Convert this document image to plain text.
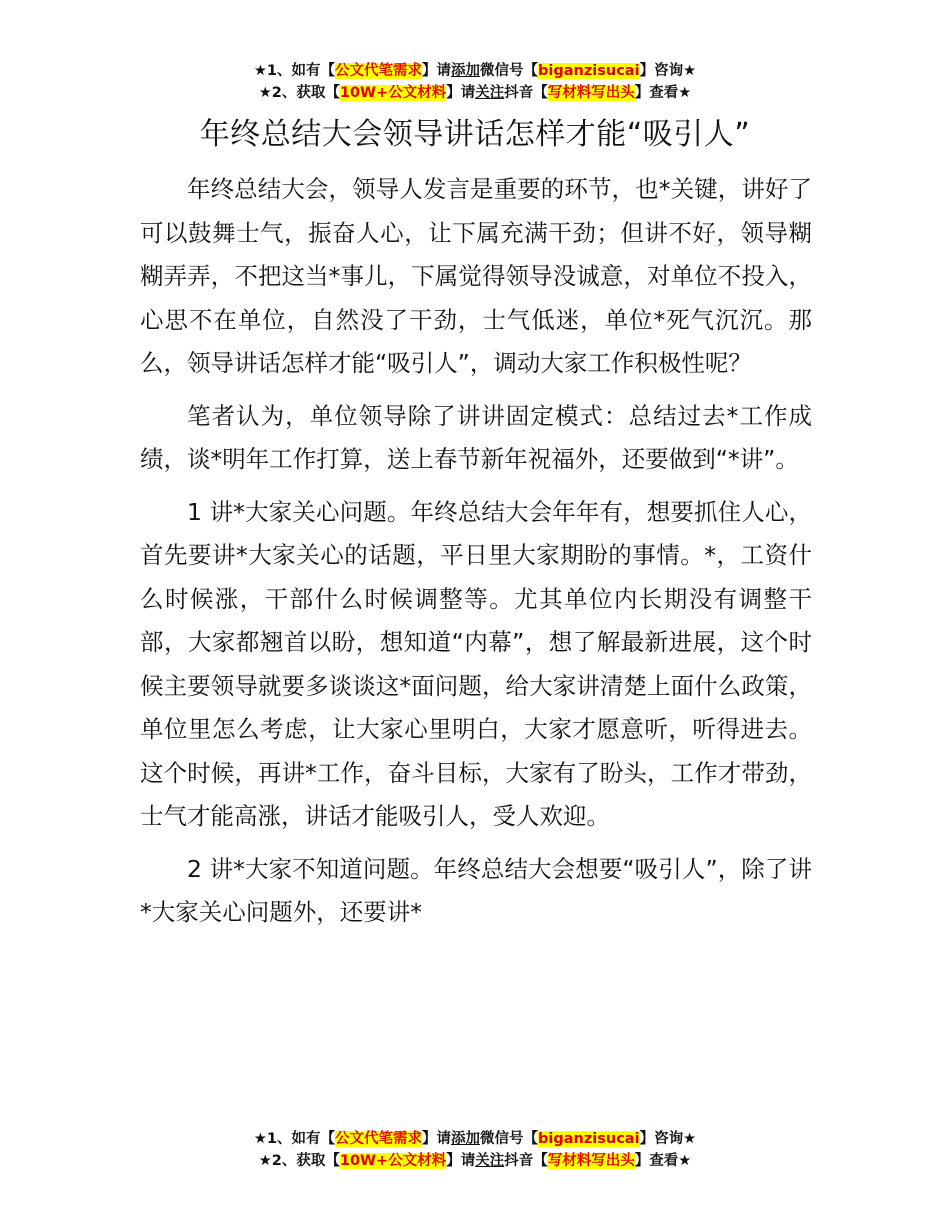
★1、如有【公文代笔需求】请添加微信号【biganzisucai】咨询★
★2、获取【10W+公文材料】请关注抖音【写材料写出头】查看★
年终总结大会领导讲话怎样才能“吸引人”

年终总结大会，领导人发言是重要的环节，也*关键，讲好了可以鼓舞士气，振奋人心，让下属充满干劲；但讲不好，领导糊糊弄弄，不把这当*事儿，下属觉得领导没诚意，对单位不投入，心思不在单位，自然没了干劲，士气低迷，单位*死气沉沉。那么，领导讲话怎样才能“吸引人”，调动大家工作积极性呢？

笔者认为，单位领导除了讲讲固定模式：总结过去*工作成绩，谈*明年工作打算，送上春节新年祝福外，还要做到“*讲”。

1 讲*大家关心问题。年终总结大会年年有，想要抓住人心，首先要讲*大家关心的话题，平日里大家期盼的事情。*，工资什么时候涨，干部什么时候调整等。尤其单位内长期没有调整干部，大家都翘首以盼，想知道“内幕”，想了解最新进展，这个时候主要领导就要多谈谈这*面问题，给大家讲清楚上面什么政策，单位里怎么考虑，让大家心里明白，大家才愿意听，听得进去。这个时候，再讲*工作，奋斗目标，大家有了盼头，工作才带劲，士气才能高涨，讲话才能吸引人，受人欢迎。

2 讲*大家不知道问题。年终总结大会想要“吸引人”，除了讲*大家关心问题外，还要讲*

★1、如有【公文代笔需求】请添加微信号【biganzisucai】咨询★
★2、获取【10W+公文材料】请关注抖音【写材料写出头】查看★
